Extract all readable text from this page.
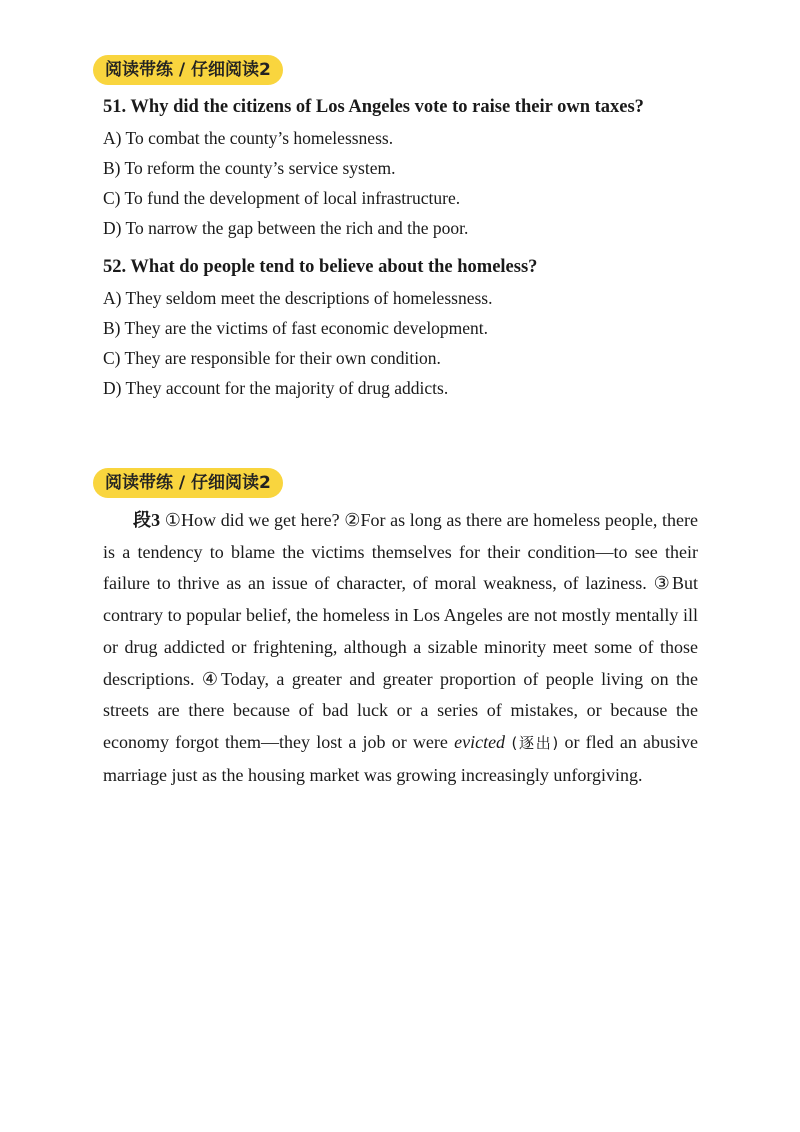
阅读带练 / 仔细阅读2

51. Why did the citizens of Los Angeles vote to raise their own taxes?

A) To combat the county’s homelessness.

B) To reform the county’s service system.

C) To fund the development of local infrastructure.

D) To narrow the gap between the rich and the poor.

52. What do people tend to believe about the homeless?

A) They seldom meet the descriptions of homelessness.

B) They are the victims of fast economic development.

C) They are responsible for their own condition.

D) They account for the majority of drug addicts.

阅读带练 / 仔细阅读2

段3 ①How did we get here? ②For as long as there are homeless people, there is a tendency to blame the victims themselves for their condition—to see their failure to thrive as an issue of character, of moral weakness, of laziness. ③But contrary to popular belief, the homeless in Los Angeles are not mostly mentally ill or drug addicted or frightening, although a sizable minority meet some of those descriptions. ④Today, a greater and greater proportion of people living on the streets are there because of bad luck or a series of mistakes, or because the economy forgot them—they lost a job or were evicted (逐出) or fled an abusive marriage just as the housing market was growing increasingly unforgiving.
